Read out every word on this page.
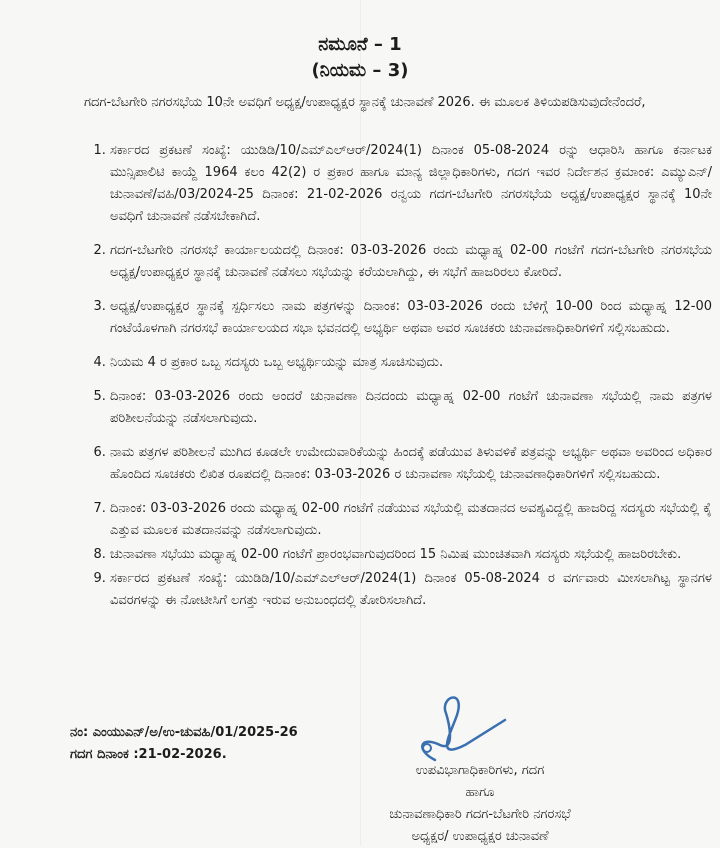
ನಮೂನೆ – 1
(ನಿಯಮ – 3)
ಗದಗ-ಬೆಟಗೇರಿ ನಗರಸಭೆಯ 10ನೇ ಅವಧಿಗೆ ಅಧ್ಯಕ್ಷ/ಉಪಾಧ್ಯಕ್ಷರ ಸ್ಥಾನಕ್ಕೆ ಚುನಾವಣೆ 2026. ಈ ಮೂಲಕ ತಿಳಿಯಪಡಿಸುವುದೇನೆಂದರೆ,
1. ಸರ್ಕಾರದ ಪ್ರಕಟಣೆ ಸಂಖ್ಯೆ: ಯುಡಿಡಿ/10/ಎಮ್ಎಲ್ಆರ್/2024(1) ದಿನಾಂಕ 05-08-2024 ರನ್ನು ಆಧಾರಿಸಿ ಹಾಗೂ ಕರ್ನಾಟಕ ಮುನ್ಸಿಪಾಲಿಟಿ ಕಾಯ್ದೆ 1964 ಕಲಂ 42(2) ರ ಪ್ರಕಾರ ಹಾಗೂ ಮಾನ್ಯ ಜಿಲ್ಲಾಧಿಕಾರಿಗಳು, ಗದಗ ಇವರ ನಿರ್ದೇಶನ ಕ್ರಮಾಂಕ: ಎಮ್ಯುಎನ್/ಚುನಾವಣೆ/ವಹಿ/03/2024-25 ದಿನಾಂಕ: 21-02-2026 ರನ್ವಯ ಗದಗ-ಬೆಟಗೇರಿ ನಗರಸಭೆಯ ಅಧ್ಯಕ್ಷ/ಉಪಾಧ್ಯಕ್ಷರ ಸ್ಥಾನಕ್ಕೆ 10ನೇ ಅವಧಿಗೆ ಚುನಾವಣೆ ನಡೆಸಬೇಕಾಗಿದೆ.
2. ಗದಗ-ಬೆಟಗೇರಿ ನಗರಸಭೆ ಕಾರ್ಯಾಲಯದಲ್ಲಿ ದಿನಾಂಕ: 03-03-2026 ರಂದು ಮಧ್ಯಾಹ್ನ 02-00 ಗಂಟೆಗೆ ಗದಗ-ಬೆಟಗೇರಿ ನಗರಸಭೆಯ ಅಧ್ಯಕ್ಷ/ಉಪಾಧ್ಯಕ್ಷರ ಸ್ಥಾನಕ್ಕೆ ಚುನಾವಣೆ ನಡೆಸಲು ಸಭೆಯನ್ನು ಕರೆಯಲಾಗಿದ್ದು, ಈ ಸಭೆಗೆ ಹಾಜರಿರಲು ಕೋರಿದೆ.
3. ಅಧ್ಯಕ್ಷ/ಉಪಾಧ್ಯಕ್ಷರ ಸ್ಥಾನಕ್ಕೆ ಸ್ಪರ್ಧಿಸಲು ನಾಮ ಪತ್ರಗಳನ್ನು ದಿನಾಂಕ: 03-03-2026 ರಂದು ಬೆಳಿಗ್ಗೆ 10-00 ರಿಂದ ಮಧ್ಯಾಹ್ನ 12-00 ಗಂಟೆಯೊಳಗಾಗಿ ನಗರಸಭೆ ಕಾರ್ಯಾಲಯದ ಸಭಾ ಭವನದಲ್ಲಿ ಅಭ್ಯರ್ಥಿ ಅಥವಾ ಅವರ ಸೂಚಕರು ಚುನಾವಣಾಧಿಕಾರಿಗಳಿಗೆ ಸಲ್ಲಿಸಬಹುದು.
4. ನಿಯಮ 4 ರ ಪ್ರಕಾರ ಒಬ್ಬ ಸದಸ್ಯರು ಒಬ್ಬ ಅಭ್ಯರ್ಥಿಯನ್ನು ಮಾತ್ರ ಸೂಚಿಸುವುದು.
5. ದಿನಾಂಕ: 03-03-2026 ರಂದು ಅಂದರೆ ಚುನಾವಣಾ ದಿನದಂದು ಮಧ್ಯಾಹ್ನ 02-00 ಗಂಟೆಗೆ ಚುನಾವಣಾ ಸಭೆಯಲ್ಲಿ ನಾಮ ಪತ್ರಗಳ ಪರಿಶೀಲನೆಯನ್ನು ನಡೆಸಲಾಗುವುದು.
6. ನಾಮ ಪತ್ರಗಳ ಪರಿಶೀಲನೆ ಮುಗಿದ ಕೂಡಲೇ ಉಮೇದುವಾರಿಕೆಯನ್ನು ಹಿಂದಕ್ಕೆ ಪಡೆಯುವ ತಿಳುವಳಿಕೆ ಪತ್ರವನ್ನು ಅಭ್ಯರ್ಥಿ ಅಥವಾ ಅವರಿಂದ ಅಧಿಕಾರ ಹೊಂದಿದ ಸೂಚಕರು ಲಿಖಿತ ರೂಪದಲ್ಲಿ ದಿನಾಂಕ: 03-03-2026 ರ ಚುನಾವಣಾ ಸಭೆಯಲ್ಲಿ ಚುನಾವಣಾಧಿಕಾರಿಗಳಿಗೆ ಸಲ್ಲಿಸಬಹುದು.
7. ದಿನಾಂಕ: 03-03-2026 ರಂದು ಮಧ್ಯಾಹ್ನ 02-00 ಗಂಟೆಗೆ ನಡೆಯುವ ಸಭೆಯಲ್ಲಿ ಮತದಾನದ ಅವಶ್ಯವಿದ್ದಲ್ಲಿ ಹಾಜರಿದ್ದ ಸದಸ್ಯರು ಸಭೆಯಲ್ಲಿ ಕೈ ಎತ್ತುವ ಮೂಲಕ ಮತದಾನವನ್ನು ನಡೆಸಲಾಗುವುದು.
8. ಚುನಾವಣಾ ಸಭೆಯು ಮಧ್ಯಾಹ್ನ 02-00 ಗಂಟೆಗೆ ಪ್ರಾರಂಭವಾಗುವುದರಿಂದ 15 ನಿಮಿಷ ಮುಂಚಿತವಾಗಿ ಸದಸ್ಯರು ಸಭೆಯಲ್ಲಿ ಹಾಜರಿರಬೇಕು.
9. ಸರ್ಕಾರದ ಪ್ರಕಟಣೆ ಸಂಖ್ಯೆ: ಯುಡಿಡಿ/10/ಎಮ್ಎಲ್ಆರ್/2024(1) ದಿನಾಂಕ 05-08-2024 ರ ವರ್ಗವಾರು ಮೀಸಲಾಗಿಟ್ಟ ಸ್ಥಾನಗಳ ವಿವರಗಳನ್ನು ಈ ನೋಟೀಸಿಗೆ ಲಗತ್ತು ಇರುವ ಅನುಬಂಧದಲ್ಲಿ ತೋರಿಸಲಾಗಿದೆ.
ನಂ: ಎಂಯುಎನ್/ಅ/ಉ-ಚುವಹಿ/01/2025-26
ಗದಗ ದಿನಾಂಕ :21-02-2026.
ಉಪವಿಭಾಗಾಧಿಕಾರಿಗಳು, ಗದಗ
ಹಾಗೂ
ಚುನಾವಣಾಧಿಕಾರಿ ಗದಗ-ಬೆಟಗೇರಿ ನಗರಸಭೆ
ಅಧ್ಯಕ್ಷರ/ ಉಪಾಧ್ಯಕ್ಷರ ಚುನಾವಣೆ
